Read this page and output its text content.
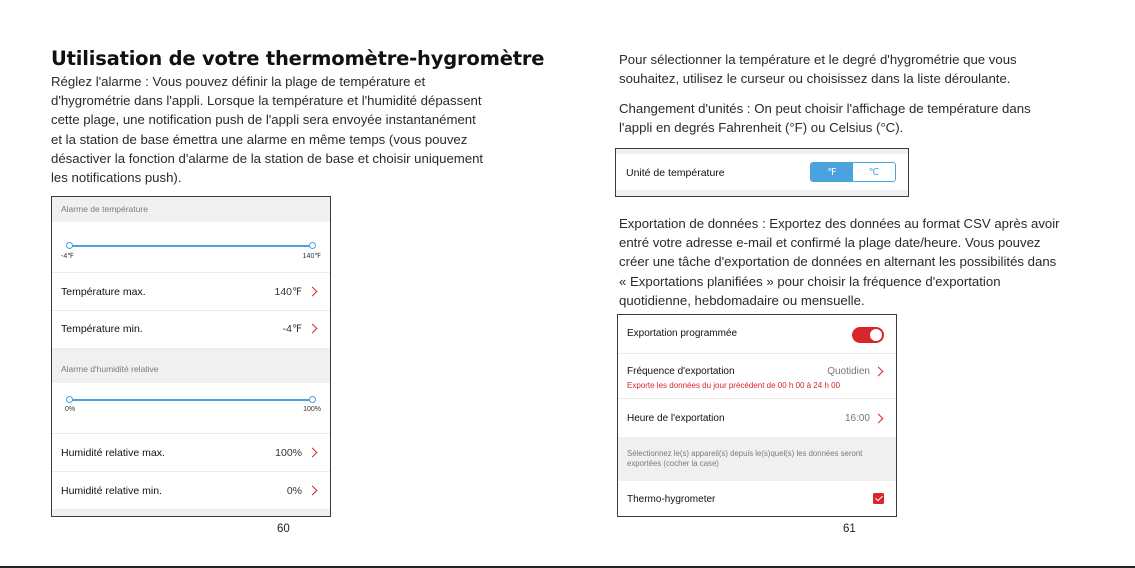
Utilisation de votre thermomètre-hygromètre

Réglez l'alarme : Vous pouvez définir la plage de température et
d'hygrométrie dans l'appli. Lorsque la température et l'humidité dépassent
cette plage, une notification push de l'appli sera envoyée instantanément
et la station de base émettra une alarme en même temps (vous pouvez
désactiver la fonction d'alarme de la station de base et choisir uniquement
les notifications push).

Alarme de température
-4℉	140℉
Température max.	140℉
Température min.	-4℉
Alarme d'humidité relative
0%	100%
Humidité relative max.	100%
Humidité relative min.	0%
60

Pour sélectionner la température et le degré d'hygrométrie que vous
souhaitez, utilisez le curseur ou choisissez dans la liste déroulante.

Changement d'unités : On peut choisir l'affichage de température dans
l'appli en degrés Fahrenheit (°F) ou Celsius (°C).

Unité de température	℉	℃

Exportation de données : Exportez des données au format CSV après avoir
entré votre adresse e-mail et confirmé la plage date/heure. Vous pouvez
créer une tâche d'exportation de données en alternant les possibilités dans
« Exportations planifiées » pour choisir la fréquence d'exportation
quotidienne, hebdomadaire ou mensuelle.

Exportation programmée
Fréquence d'exportation	Quotidien
Exporte les données du jour précédent de 00 h 00 à 24 h 00
Heure de l'exportation	16:00
Sélectionnez le(s) appareil(s) depuis le(s)quel(s) les données seront exportées (cocher la case)
Thermo-hygrometer
61
